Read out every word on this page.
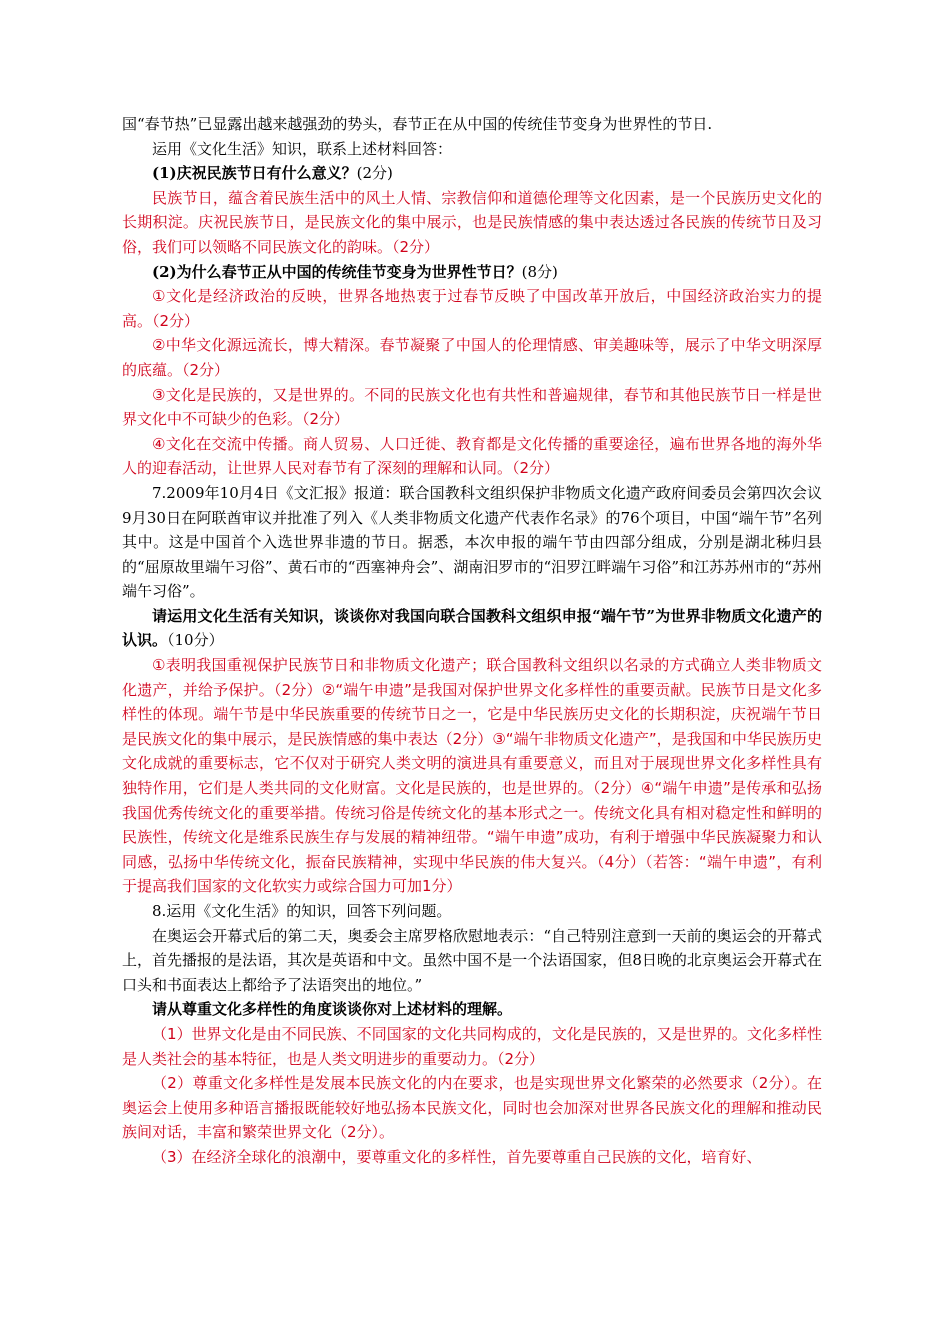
国“春节热”已显露出越来越强劲的势头，春节正在从中国的传统佳节变身为世界性的节日.

运用《文化生活》知识，联系上述材料回答：

(1)庆祝民族节日有什么意义？(2分)

民族节日，蕴含着民族生活中的风土人情、宗教信仰和道德伦理等文化因素，是一个民族历史文化的长期积淀。庆祝民族节日，是民族文化的集中展示，也是民族情感的集中表达透过各民族的传统节日及习俗，我们可以领略不同民族文化的韵味。（2分）

(2)为什么春节正从中国的传统佳节变身为世界性节日？(8分)

①文化是经济政治的反映，世界各地热衷于过春节反映了中国改革开放后，中国经济政治实力的提高。（2分）

②中华文化源远流长，博大精深。春节凝聚了中国人的伦理情感、审美趣味等，展示了中华文明深厚的底蕴。（2分）

③文化是民族的，又是世界的。不同的民族文化也有共性和普遍规律，春节和其他民族节日一样是世界文化中不可缺少的色彩。（2分）

④文化在交流中传播。商人贸易、人口迁徙、教育都是文化传播的重要途径，遍布世界各地的海外华人的迎春活动，让世界人民对春节有了深刻的理解和认同。（2分）

7.2009年10月4日《文汇报》报道：联合国教科文组织保护非物质文化遗产政府间委员会第四次会议9月30日在阿联酋审议并批准了列入《人类非物质文化遗产代表作名录》的76个项目，中国“端午节”名列其中。这是中国首个入选世界非遗的节日。据悉，本次申报的端午节由四部分组成，分别是湖北秭归县的“屈原故里端午习俗”、黄石市的“西塞神舟会”、湖南汨罗市的“汨罗江畔端午习俗”和江苏苏州市的“苏州端午习俗”。

请运用文化生活有关知识，谈谈你对我国向联合国教科文组织申报“端午节”为世界非物质文化遗产的认识。（10分）

①表明我国重视保护民族节日和非物质文化遗产；联合国教科文组织以名录的方式确立人类非物质文化遗产，并给予保护。（2分）②“端午申遗”是我国对保护世界文化多样性的重要贡献。民族节日是文化多样性的体现。端午节是中华民族重要的传统节日之一，它是中华民族历史文化的长期积淀，庆祝端午节日是民族文化的集中展示，是民族情感的集中表达（2分）③“端午非物质文化遗产”，是我国和中华民族历史文化成就的重要标志，它不仅对于研究人类文明的演进具有重要意义，而且对于展现世界文化多样性具有独特作用，它们是人类共同的文化财富。文化是民族的，也是世界的。（2分）④“端午申遗”是传承和弘扬我国优秀传统文化的重要举措。传统习俗是传统文化的基本形式之一。传统文化具有相对稳定性和鲜明的民族性，传统文化是维系民族生存与发展的精神纽带。“端午申遗”成功，有利于增强中华民族凝聚力和认同感，弘扬中华传统文化，振奋民族精神，实现中华民族的伟大复兴。（4分）（若答：“端午申遗”，有利于提高我们国家的文化软实力或综合国力可加1分）

8.运用《文化生活》的知识，回答下列问题。

在奥运会开幕式后的第二天，奥委会主席罗格欣慰地表示：“自己特别注意到一天前的奥运会的开幕式上，首先播报的是法语，其次是英语和中文。虽然中国不是一个法语国家，但8日晚的北京奥运会开幕式在口头和书面表达上都给予了法语突出的地位。”

请从尊重文化多样性的角度谈谈你对上述材料的理解。

（1）世界文化是由不同民族、不同国家的文化共同构成的，文化是民族的，又是世界的。文化多样性是人类社会的基本特征，也是人类文明进步的重要动力。（2分）

（2）尊重文化多样性是发展本民族文化的内在要求，也是实现世界文化繁荣的必然要求（2分）。在奥运会上使用多种语言播报既能较好地弘扬本民族文化，同时也会加深对世界各民族文化的理解和推动民族间对话，丰富和繁荣世界文化（2分）。

（3）在经济全球化的浪潮中，要尊重文化的多样性，首先要尊重自己民族的文化，培育好、
